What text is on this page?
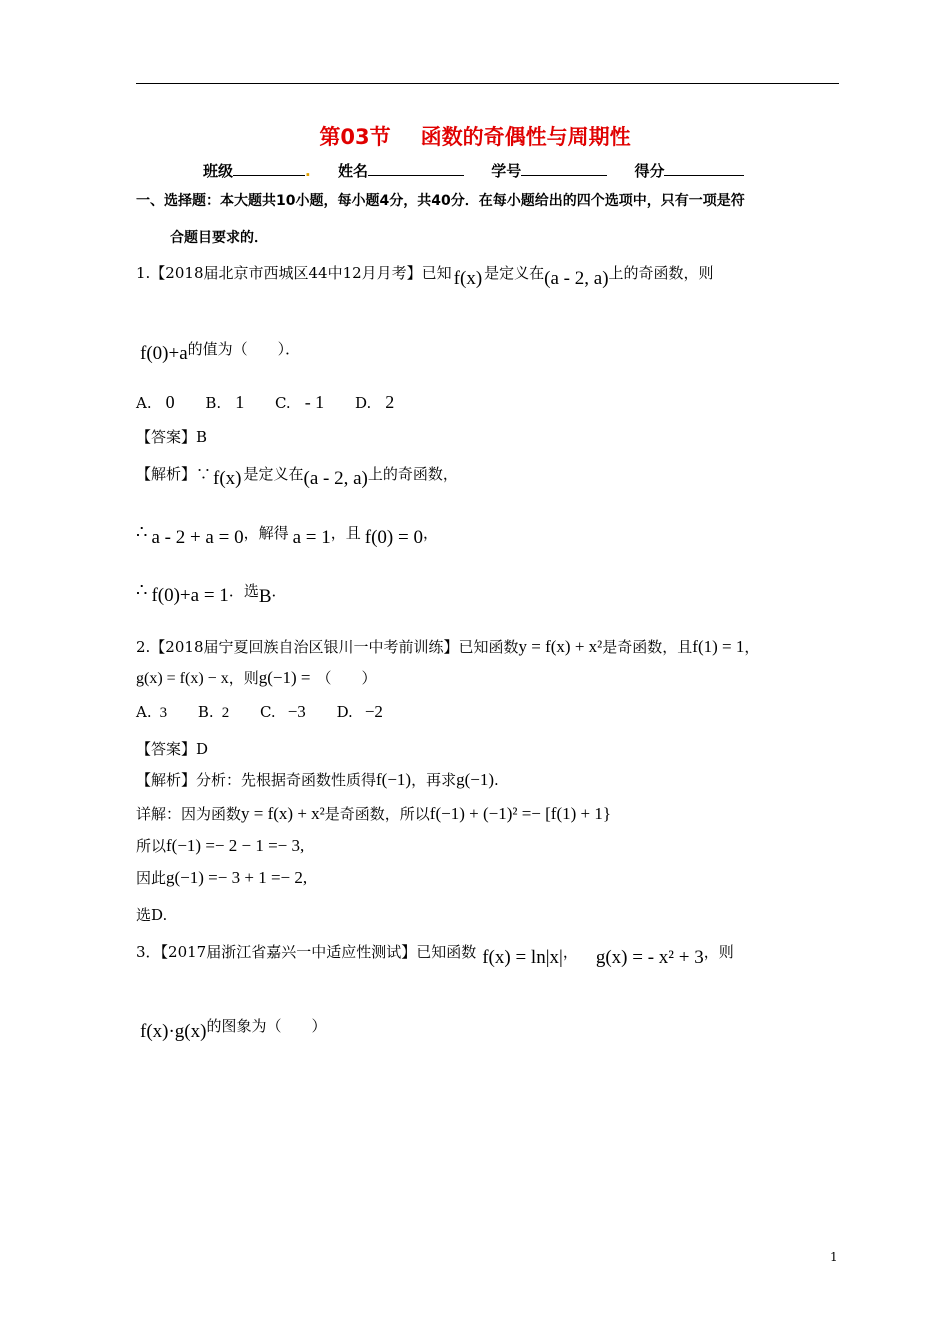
第03节 函数的奇偶性与周期性
班级	. 姓名	学号	得分
一、选择题：本大题共10小题，每小题4分，共40分．在每小题给出的四个选项中，只有一项是符
合题目要求的．
1.【2018届北京市西城区44中12月月考】已知 f(x) 是定义在(a - 2, a)上的奇函数，则
f(0)+a的值为（　　）．
A. 0 B. 1 C. - 1 D. 2
【答案】B
【解析】∵ f(x) 是定义在(a - 2, a)上的奇函数，
∴ a - 2 + a = 0，解得 a = 1，且 f(0) = 0，
∴ f(0)+a = 1．选B．
2.【2018届宁夏回族自治区银川一中考前训练】已知函数y = f(x) + x²是奇函数，且f(1) = 1，
g(x) = f(x) − x，则g(−1) = （　　）
A. 3 B. 2 C. −3 D. −2
【答案】D
【解析】分析：先根据奇函数性质得f(−1)，再求g(−1).
详解：因为函数y = f(x) + x²是奇函数，所以f(−1) + (−1)² =− [f(1) + 1}
所以f(−1) =− 2 − 1 =− 3,
因此g(−1) =− 3 + 1 =− 2,
选D.
3．【2017届浙江省嘉兴一中适应性测试】已知函数 f(x) = ln|x|， g(x) = - x² + 3，则
f(x)·g(x)的图象为（　　）
1
